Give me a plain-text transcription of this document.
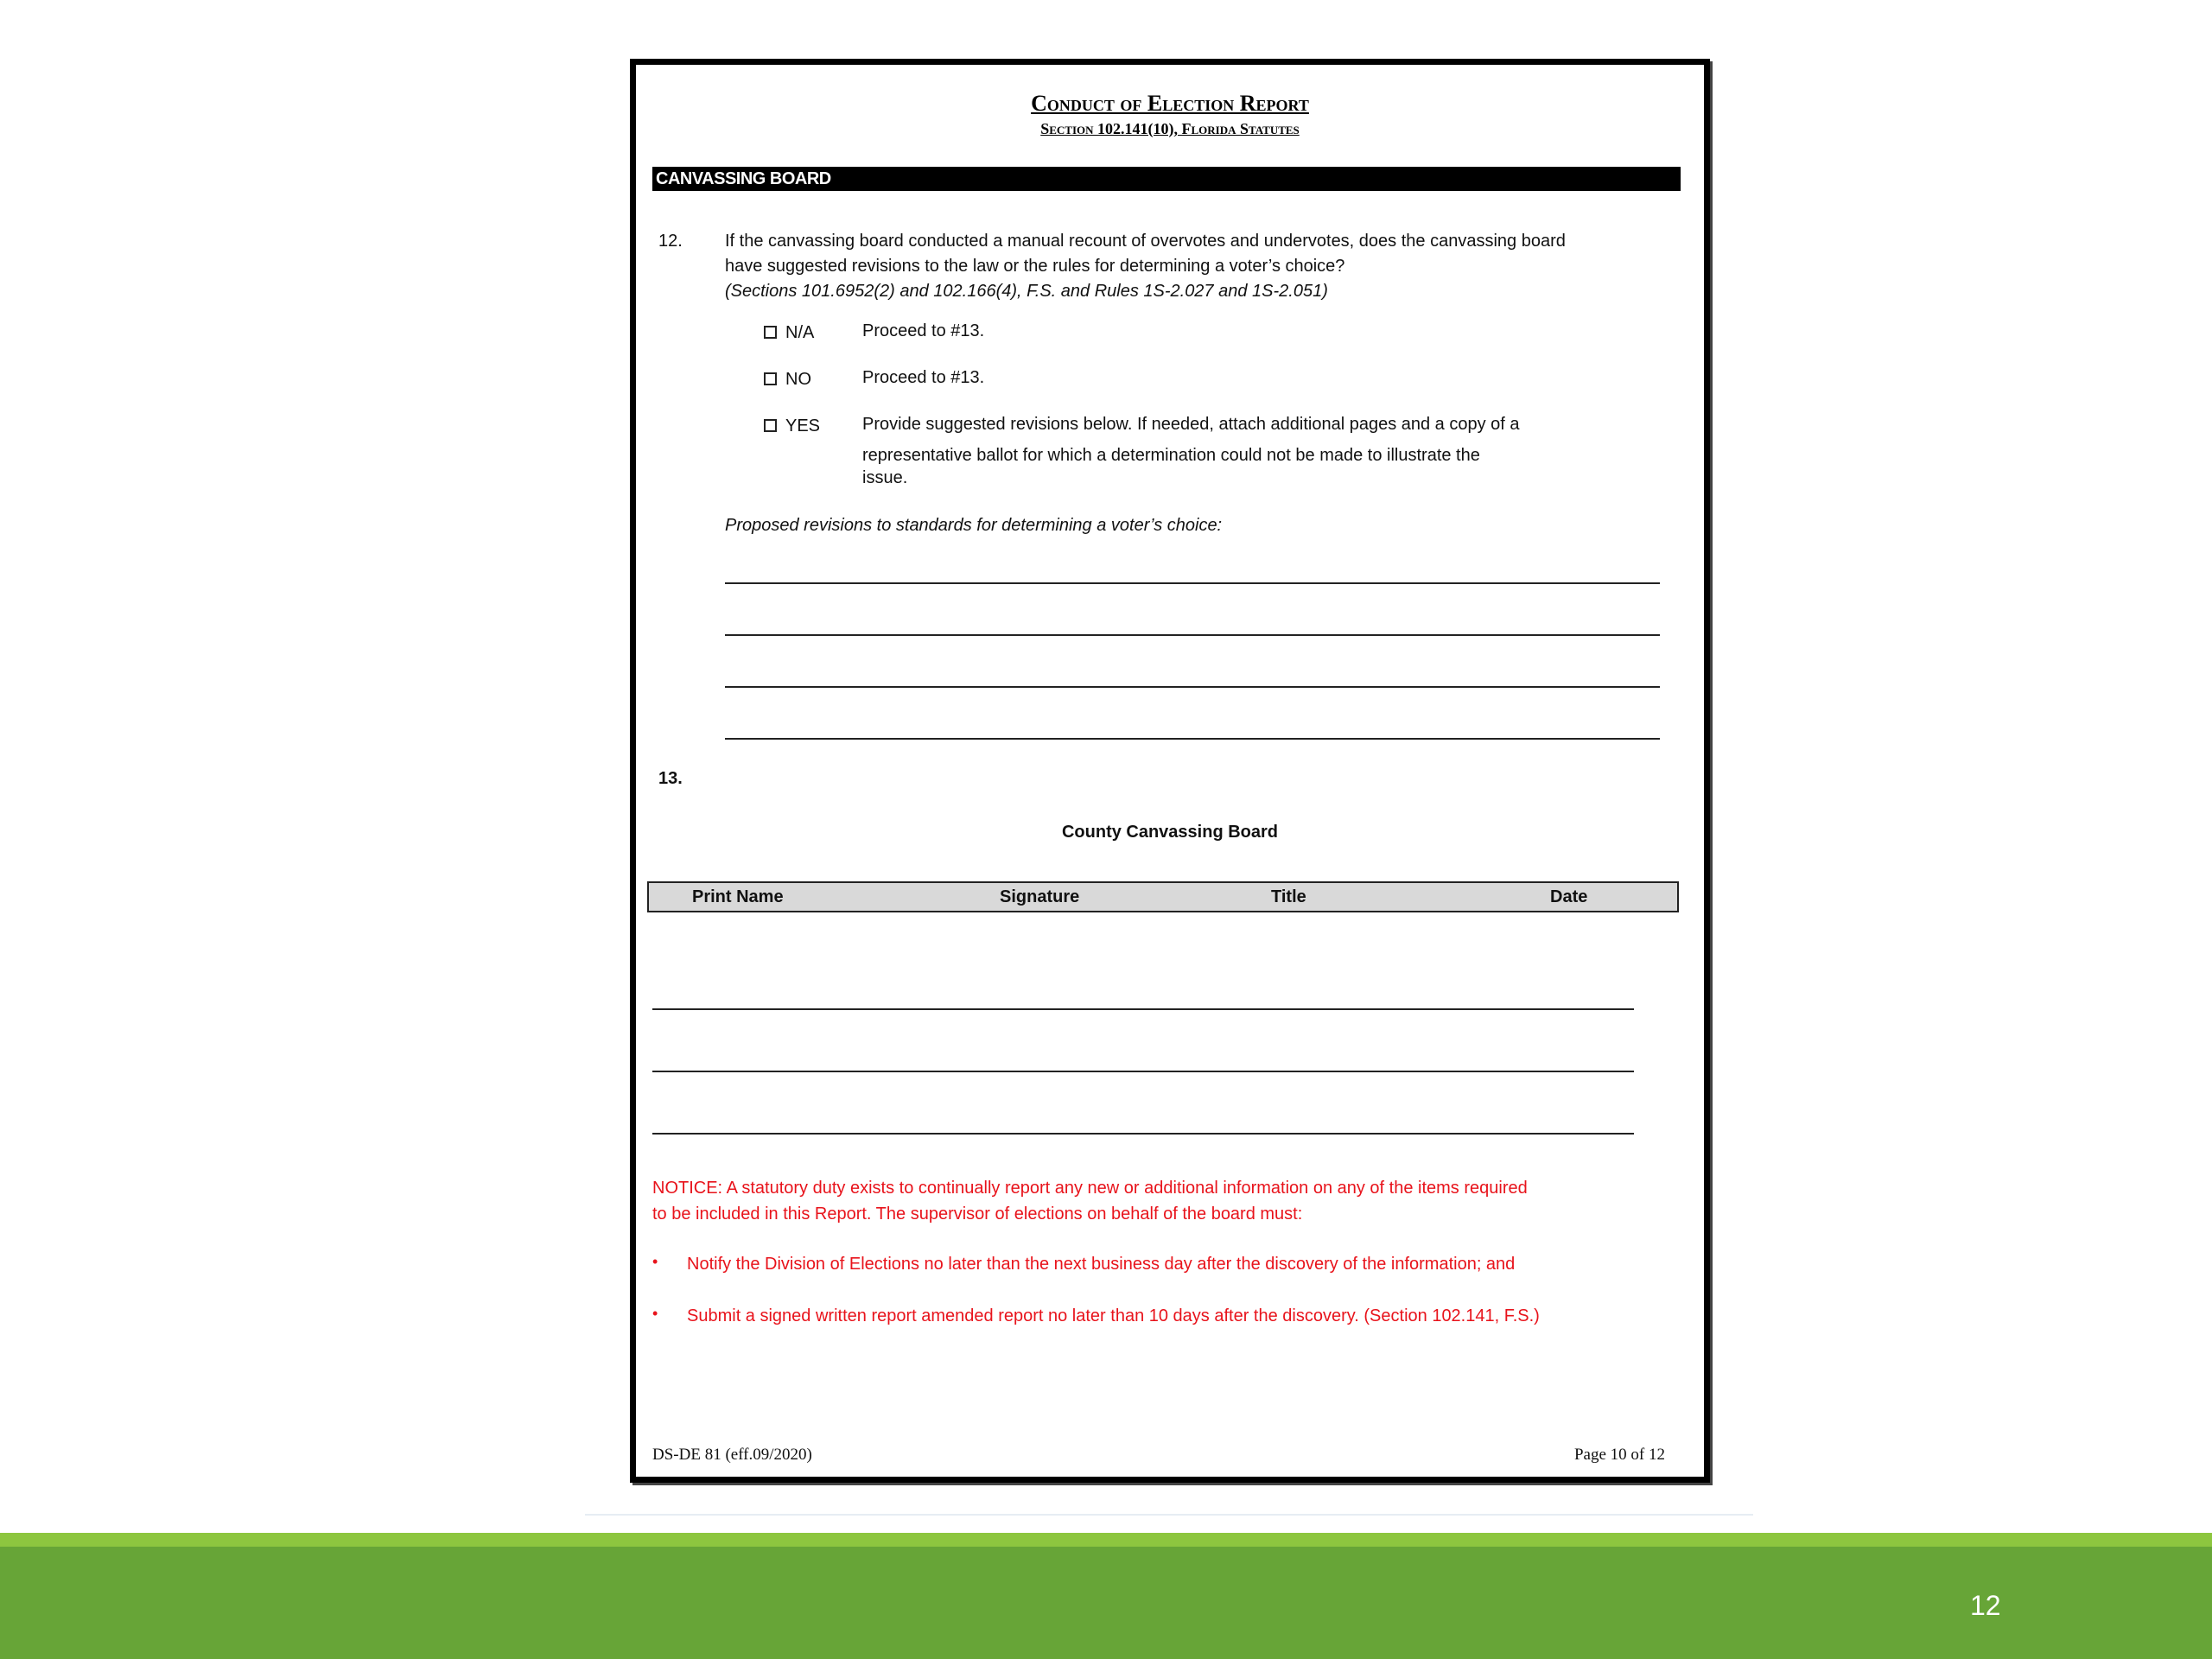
Conduct of Election Report
Section 102.141(10), Florida Statutes
CANVASSING BOARD
12. If the canvassing board conducted a manual recount of overvotes and undervotes, does the canvassing board
have suggested revisions to the law or the rules for determining a voter’s choice?
(Sections 101.6952(2) and 102.166(4), F.S. and Rules 1S-2.027 and 1S-2.051)
N/A	Proceed to #13.
NO	Proceed to #13.
YES Provide suggested revisions below. If needed, attach additional pages and a copy of a
representative ballot for which a determination could not be made to illustrate the
issue.
Proposed revisions to standards for determining a voter’s choice:
13.
County Canvassing Board
Print Name	Signature	Title	Date
NOTICE: A statutory duty exists to continually report any new or additional information on any of the items required
to be included in this Report. The supervisor of elections on behalf of the board must:
• Notify the Division of Elections no later than the next business day after the discovery of the information; and
• Submit a signed written report amended report no later than 10 days after the discovery. (Section 102.141, F.S.)
DS-DE 81 (eff.09/2020)	Page 10 of 12
12
